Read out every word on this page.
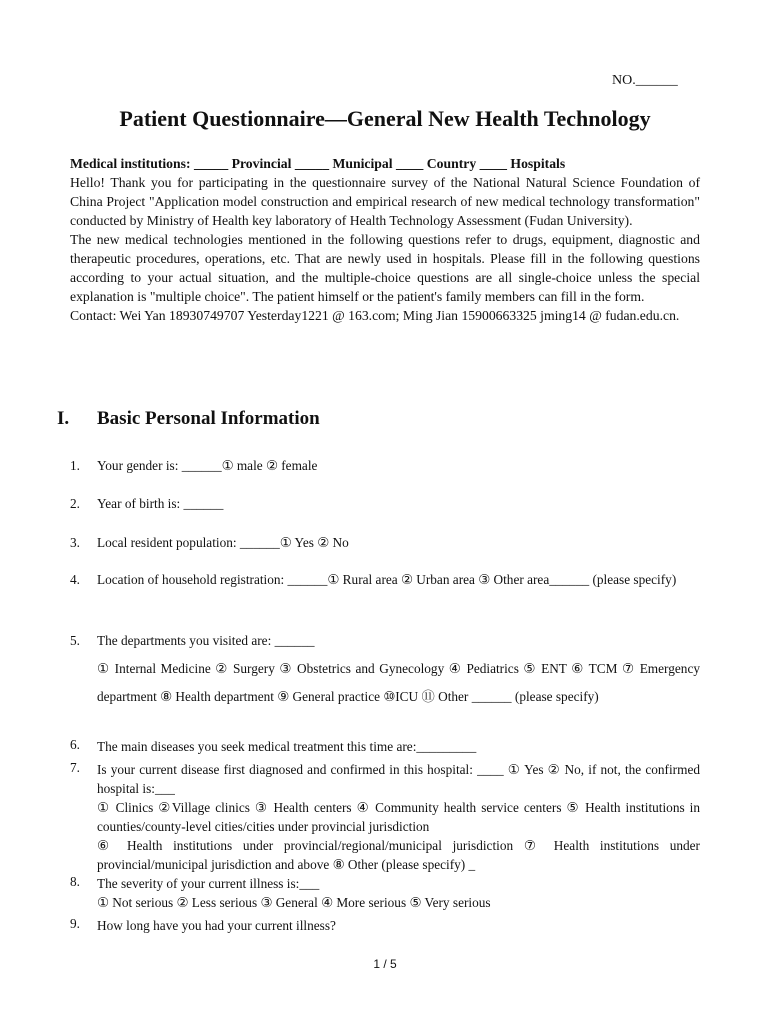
NO.______
Patient Questionnaire—General New Health Technology

Medical institutions: _____ Provincial _____ Municipal ____ Country ____ Hospitals

Hello! Thank you for participating in the questionnaire survey of the National Natural Science Foundation of China Project "Application model construction and empirical research of new medical technology transformation" conducted by Ministry of Health key laboratory of Health Technology Assessment (Fudan University).

The new medical technologies mentioned in the following questions refer to drugs, equipment, diagnostic and therapeutic procedures, operations, etc. That are newly used in hospitals. Please fill in the following questions according to your actual situation, and the multiple-choice questions are all single-choice unless the special explanation is "multiple choice". The patient himself or the patient's family members can fill in the form.

Contact: Wei Yan 18930749707 Yesterday1221 @ 163.com; Ming Jian 15900663325 jming14 @ fudan.edu.cn.

I. Basic Personal Information
1. Your gender is: ______① male ② female
2. Year of birth is: ______
3. Local resident population: ______① Yes ② No
4. Location of household registration: ______① Rural area ② Urban area ③ Other area______ (please specify)
5. The departments you visited are: ______
① Internal Medicine ② Surgery ③ Obstetrics and Gynecology ④ Pediatrics ⑤ ENT ⑥ TCM ⑦ Emergency department ⑧ Health department ⑨ General practice ⑩ICU ⑪ Other ______ (please specify)
6. The main diseases you seek medical treatment this time are:_________
7. Is your current disease first diagnosed and confirmed in this hospital: ____ ① Yes ② No, if not, the confirmed hospital is:___
① Clinics ②Village clinics ③ Health centers ④ Community health service centers ⑤ Health institutions in counties/county-level cities/cities under provincial jurisdiction
⑥ Health institutions under provincial/regional/municipal jurisdiction ⑦ Health institutions under provincial/municipal jurisdiction and above ⑧ Other (please specify) _
8. The severity of your current illness is:___
① Not serious ② Less serious ③ General ④ More serious ⑤ Very serious
9. How long have you had your current illness?
1 / 5
